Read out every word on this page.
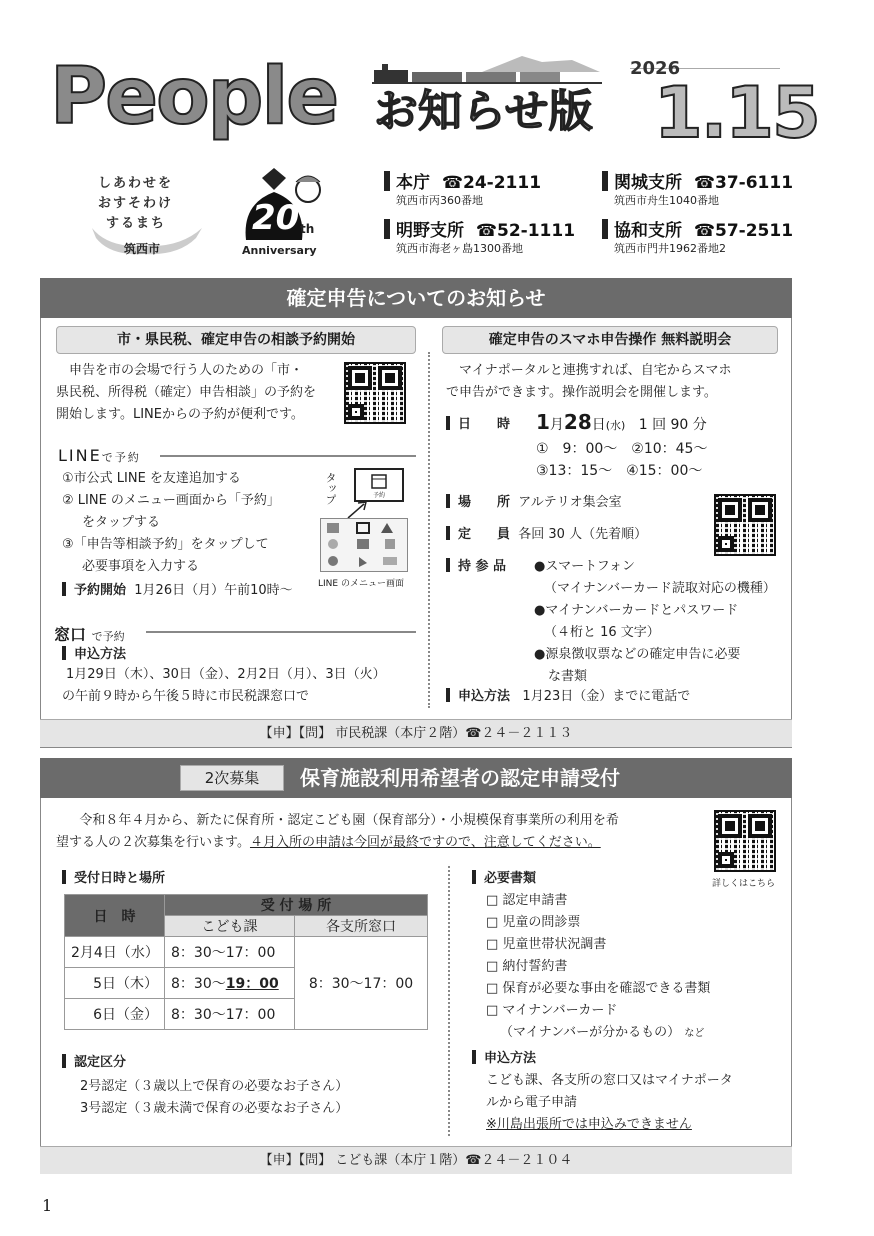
People お知らせ版
2026
1.15
しあわせを
おすそわけ
するまち
筑西市
20 th
Anniversary
本庁 ☎24-2111
筑西市丙360番地
関城支所 ☎37-6111
筑西市舟生1040番地
明野支所 ☎52-1111
筑西市海老ヶ島1300番地
協和支所 ☎57-2511
筑西市門井1962番地2
確定申告についてのお知らせ
市・県民税、確定申告の相談予約開始
申告を市の会場で行う人のための「市・
県民税、所得税（確定）申告相談」の予約を
開始します。LINEからの予約が便利です。
LINEで予約
①市公式 LINE を友達追加する
② LINE のメニュー画面から「予約」
をタップする
③「申告等相談予約」をタップして
必要事項を入力する
タップ	予約
LINE のメニュー画面
予約開始 1月26日（月）午前10時～
窓口 で予約
申込方法
1月29日（木）、30日（金）、2月2日（月）、3日（火）
の午前９時から午後５時に市民税課窓口で
確定申告のスマホ申告操作 無料説明会
マイナポータルと連携すれば、自宅からスマホ
で申告ができます。操作説明会を開催します。
日　　時 1月28日(水) 1 回 90 分
①　9：00～　②10：45～
③13：15～　④15：00～
場　　所 アルテリオ集会室
定　　員 各回 30 人（先着順）
持 参 品 ●スマートフォン
（マイナンバーカード読取対応の機種）
●マイナンバーカードとパスワード
（４桁と 16 文字）
●源泉徴収票などの確定申告に必要
な書類
申込方法 1月23日（金）までに電話で
【申】【問】 市民税課（本庁２階）☎２４－２１１３
2次募集	保育施設利用希望者の認定申請受付
令和８年４月から、新たに保育所・認定こども園（保育部分）・小規模保育事業所の利用を希
望する人の２次募集を行います。４月入所の申請は今回が最終ですので、注意してください。
詳しくはこちら
受付日時と場所
日　時	受 付 場 所	
	こども課	各支所窓口
2月4日（水）	8：30～17：00	8：30～17：00
5日（木）	8：30～19：00	
6日（金）	8：30～17：00	
認定区分
2号認定（３歳以上で保育の必要なお子さん）
3号認定（３歳未満で保育の必要なお子さん）
必要書類
□ 認定申請書
□ 児童の問診票
□ 児童世帯状況調書
□ 納付誓約書
□ 保育が必要な事由を確認できる書類
□ マイナンバーカード
（マイナンバーが分かるもの） など
申込方法
こども課、各支所の窓口又はマイナポータ
ルから電子申請
※川島出張所では申込みできません
【申】【問】 こども課（本庁１階）☎２４－２１０４
1
